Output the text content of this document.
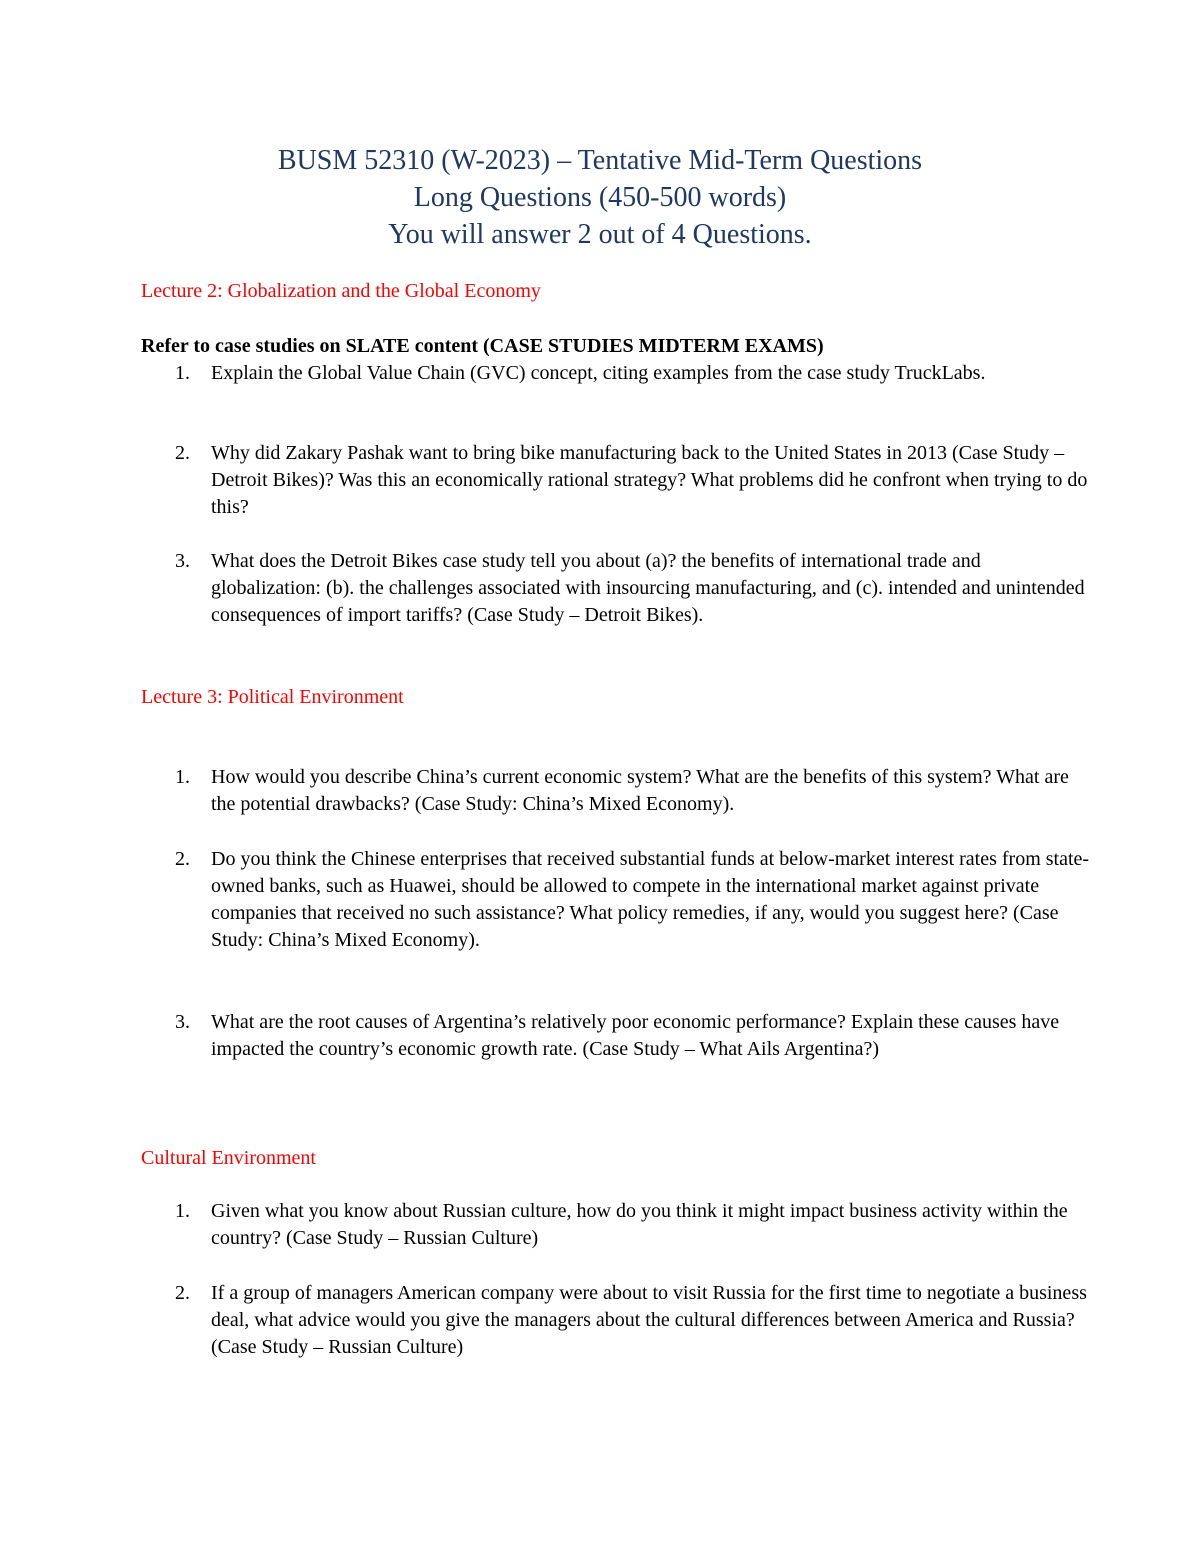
BUSM 52310 (W-2023) – Tentative Mid-Term Questions
Long Questions (450-500 words)
You will answer 2 out of 4 Questions.
Lecture 2: Globalization and the Global Economy
Refer to case studies on SLATE content (CASE STUDIES MIDTERM EXAMS)
1. Explain the Global Value Chain (GVC) concept, citing examples from the case study TruckLabs.
2. Why did Zakary Pashak want to bring bike manufacturing back to the United States in 2013 (Case Study – Detroit Bikes)? Was this an economically rational strategy? What problems did he confront when trying to do this?
3. What does the Detroit Bikes case study tell you about (a)? the benefits of international trade and globalization: (b). the challenges associated with insourcing manufacturing, and (c). intended and unintended consequences of import tariffs? (Case Study – Detroit Bikes).
Lecture 3: Political Environment
1. How would you describe China’s current economic system? What are the benefits of this system? What are the potential drawbacks? (Case Study: China’s Mixed Economy).
2. Do you think the Chinese enterprises that received substantial funds at below-market interest rates from state-owned banks, such as Huawei, should be allowed to compete in the international market against private companies that received no such assistance? What policy remedies, if any, would you suggest here? (Case Study: China’s Mixed Economy).
3. What are the root causes of Argentina’s relatively poor economic performance? Explain these causes have impacted the country’s economic growth rate. (Case Study – What Ails Argentina?)
Cultural Environment
1. Given what you know about Russian culture, how do you think it might impact business activity within the country? (Case Study – Russian Culture)
2. If a group of managers American company were about to visit Russia for the first time to negotiate a business deal, what advice would you give the managers about the cultural differences between America and Russia? (Case Study – Russian Culture)
